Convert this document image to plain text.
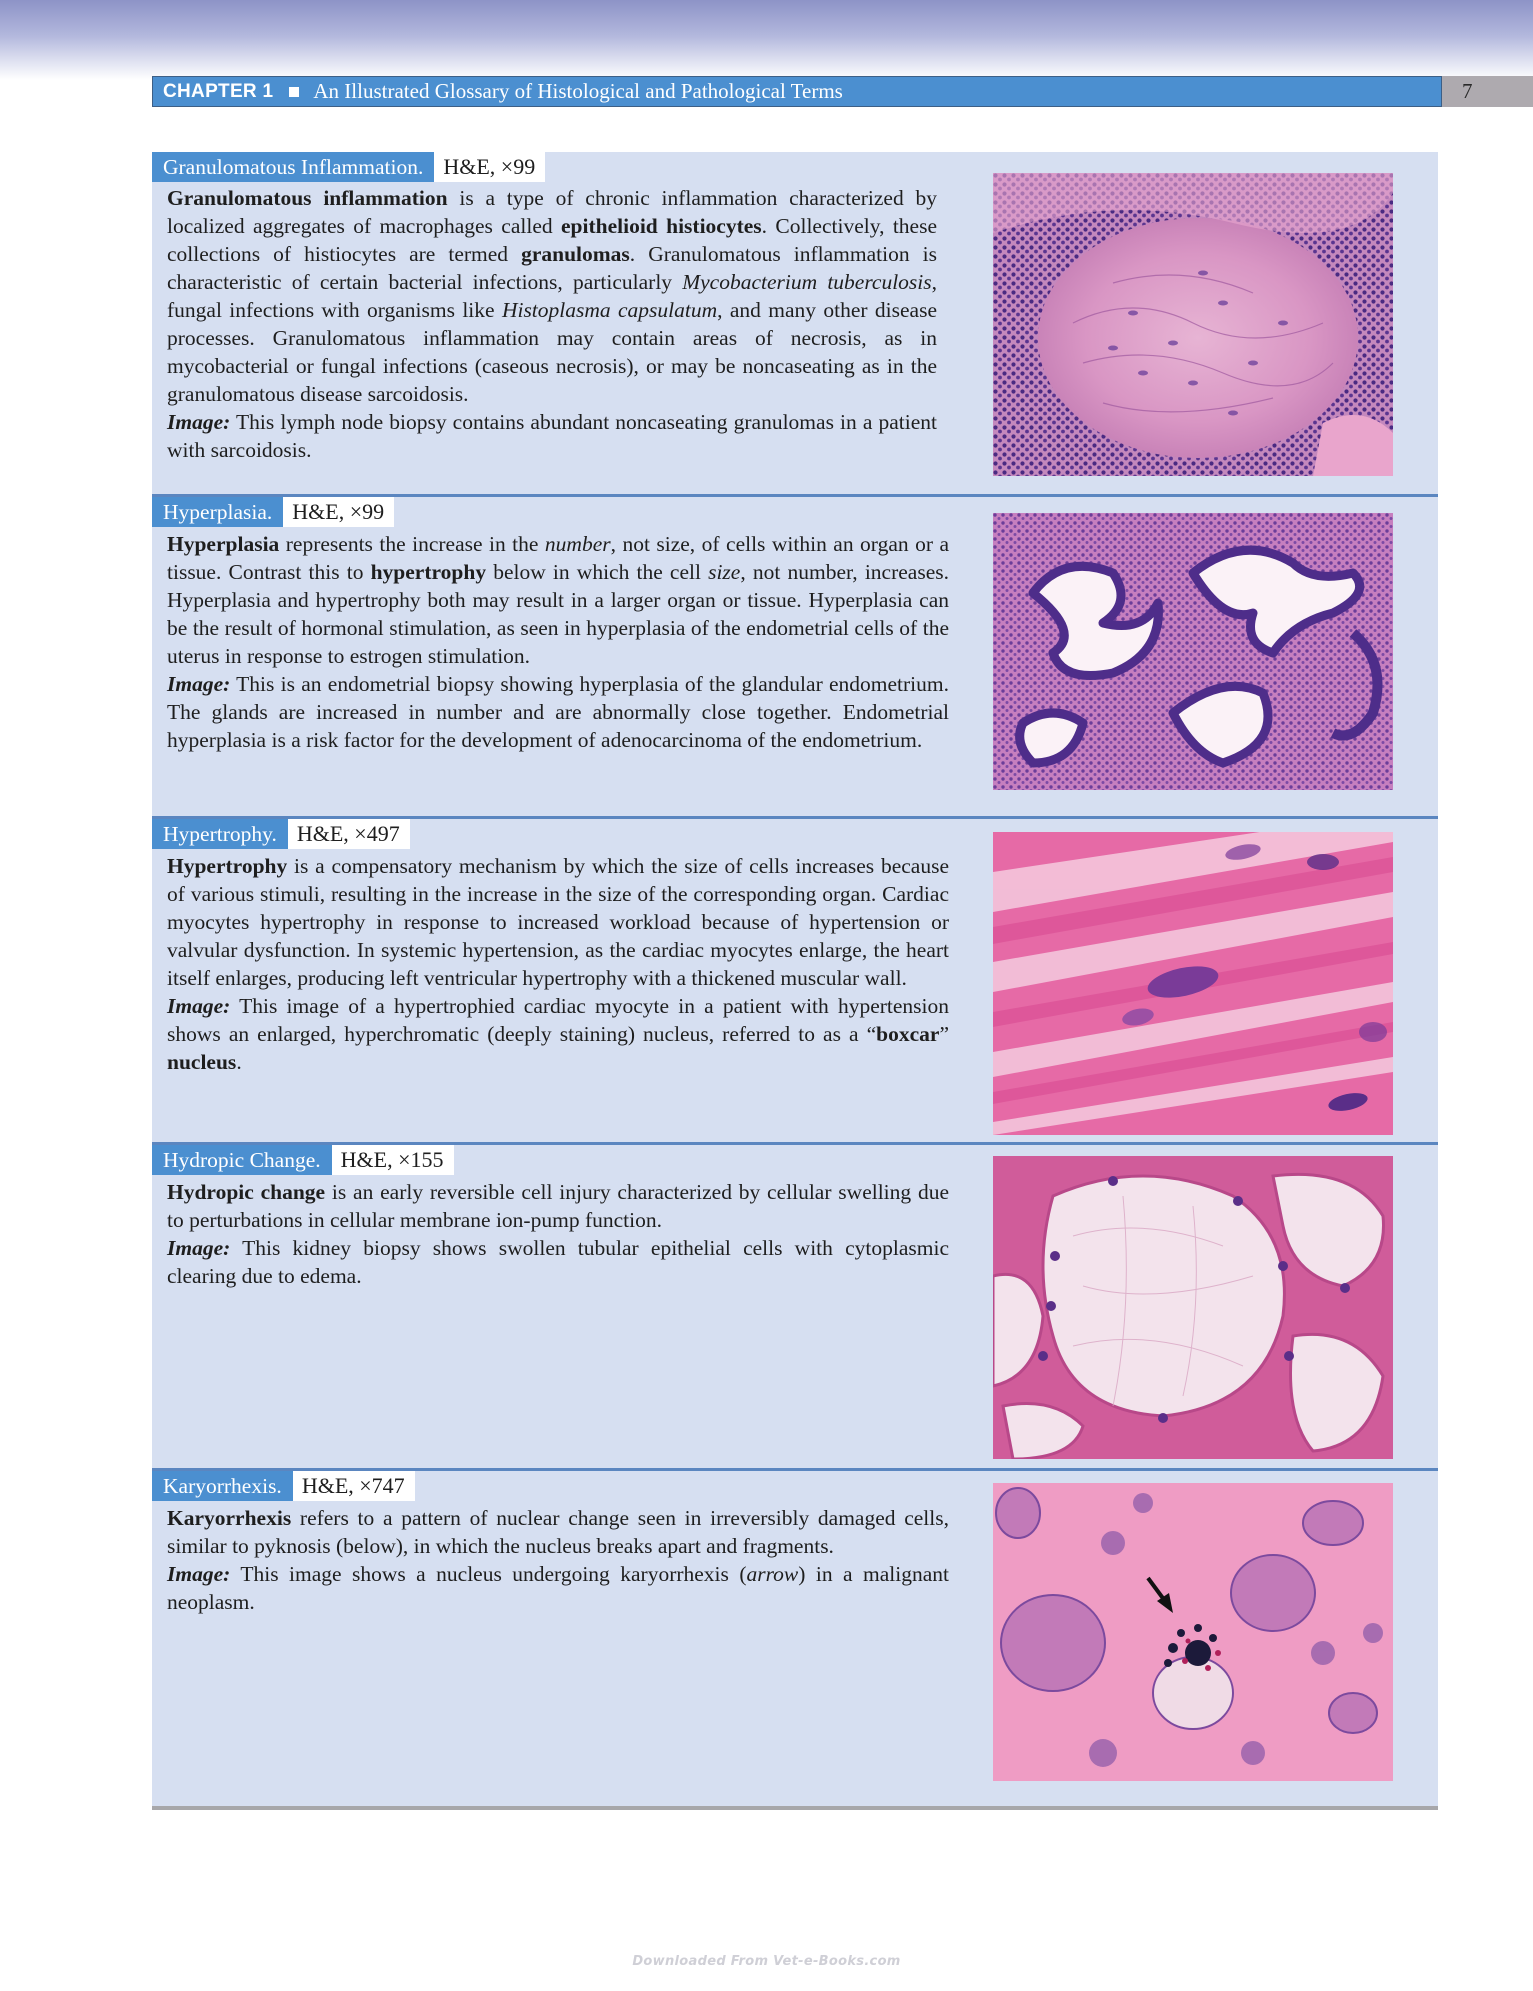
CHAPTER 1 An Illustrated Glossary of Histological and Pathological Terms	7
Granulomatous Inflammation. H&E, ×99

Granulomatous inflammation is a type of chronic inflammation characterized by localized aggregates of macrophages called epithelioid histiocytes. Collectively, these collections of histiocytes are termed granulomas. Granulomatous inflammation is characteristic of certain bacterial infections, particularly Mycobacterium tuberculosis, fungal infections with organisms like Histoplasma capsulatum, and many other disease processes. Granulomatous inflammation may contain areas of necrosis, as in mycobacterial or fungal infections (caseous necrosis), or may be noncaseating as in the granulomatous disease sarcoidosis.

Image: This lymph node biopsy contains abundant noncaseating granulomas in a patient with sarcoidosis.

Hyperplasia. H&E, ×99

Hyperplasia represents the increase in the number, not size, of cells within an organ or a tissue. Contrast this to hypertrophy below in which the cell size, not number, increases. Hyperplasia and hypertrophy both may result in a larger organ or tissue. Hyperplasia can be the result of hormonal stimulation, as seen in hyperplasia of the endometrial cells of the uterus in response to estrogen stimulation.

Image: This is an endometrial biopsy showing hyperplasia of the glandular endometrium. The glands are increased in number and are abnormally close together. Endometrial hyperplasia is a risk factor for the development of adenocarcinoma of the endometrium.

Hypertrophy. H&E, ×497

Hypertrophy is a compensatory mechanism by which the size of cells increases because of various stimuli, resulting in the increase in the size of the corresponding organ. Cardiac myocytes hypertrophy in response to increased workload because of hypertension or valvular dysfunction. In systemic hypertension, as the cardiac myocytes enlarge, the heart itself enlarges, producing left ventricular hypertrophy with a thickened muscular wall.

Image: This image of a hypertrophied cardiac myocyte in a patient with hypertension shows an enlarged, hyperchromatic (deeply staining) nucleus, referred to as a “boxcar” nucleus.

Hydropic Change. H&E, ×155

Hydropic change is an early reversible cell injury characterized by cellular swelling due to perturbations in cellular membrane ion-pump function.

Image: This kidney biopsy shows swollen tubular epithelial cells with cytoplasmic clearing due to edema.

Karyorrhexis. H&E, ×747

Karyorrhexis refers to a pattern of nuclear change seen in irreversibly damaged cells, similar to pyknosis (below), in which the nucleus breaks apart and fragments.

Image: This image shows a nucleus undergoing karyorrhexis (arrow) in a malignant neoplasm.

Downloaded From Vet-e-Books.com
